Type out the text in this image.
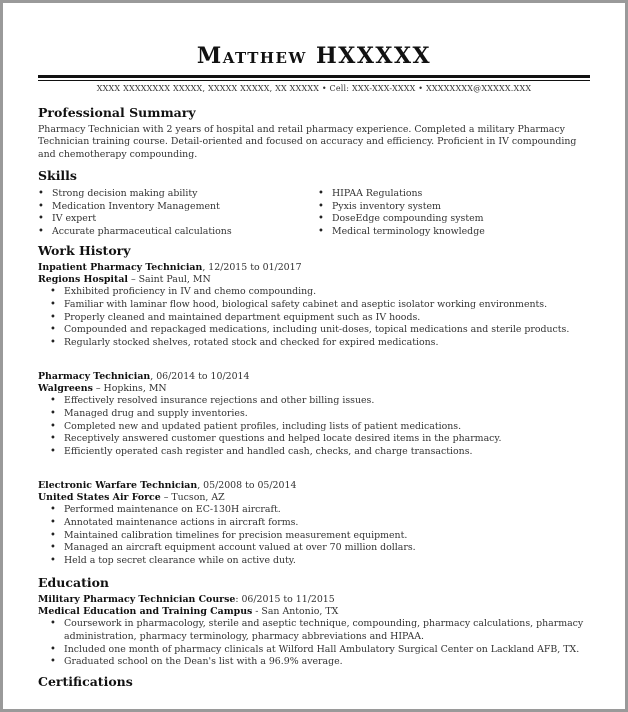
Matthew HXXXXX
XXXX XXXXXXXX XXXXX, XXXXX XXXXX, XX XXXXX • Cell: XXX-XXX-XXXX • XXXXXXXX@XXXXX.XXX
Professional Summary

Pharmacy Technician with 2 years of hospital and retail pharmacy experience. Completed a military Pharmacy Technician training course. Detail-oriented and focused on accuracy and efficiency. Proficient in IV compounding and chemotherapy compounding.

Skills
• Strong decision making ability
• Medication Inventory Management
• IV expert
• Accurate pharmaceutical calculations
• HIPAA Regulations
• Pyxis inventory system
• DoseEdge compounding system
• Medical terminology knowledge
Work History
Inpatient Pharmacy Technician, 12/2015 to 01/2017
Regions Hospital – Saint Paul, MN
• Exhibited proficiency in IV and chemo compounding.
• Familiar with laminar flow hood, biological safety cabinet and aseptic isolator working environments.
• Properly cleaned and maintained department equipment such as IV hoods.
• Compounded and repackaged medications, including unit-doses, topical medications and sterile products.
• Regularly stocked shelves, rotated stock and checked for expired medications.
Pharmacy Technician, 06/2014 to 10/2014
Walgreens – Hopkins, MN
• Effectively resolved insurance rejections and other billing issues.
• Managed drug and supply inventories.
• Completed new and updated patient profiles, including lists of patient medications.
• Receptively answered customer questions and helped locate desired items in the pharmacy.
• Efficiently operated cash register and handled cash, checks, and charge transactions.
Electronic Warfare Technician, 05/2008 to 05/2014
United States Air Force – Tucson, AZ
• Performed maintenance on EC-130H aircraft.
• Annotated maintenance actions in aircraft forms.
• Maintained calibration timelines for precision measurement equipment.
• Managed an aircraft equipment account valued at over 70 million dollars.
• Held a top secret clearance while on active duty.
Education
Military Pharmacy Technician Course: 06/2015 to 11/2015
Medical Education and Training Campus - San Antonio, TX
• Coursework in pharmacology, sterile and aseptic technique, compounding, pharmacy calculations, pharmacy administration, pharmacy terminology, pharmacy abbreviations and HIPAA.
• Included one month of pharmacy clinicals at Wilford Hall Ambulatory Surgical Center on Lackland AFB, TX.
• Graduated school on the Dean's list with a 96.9% average.
Certifications
